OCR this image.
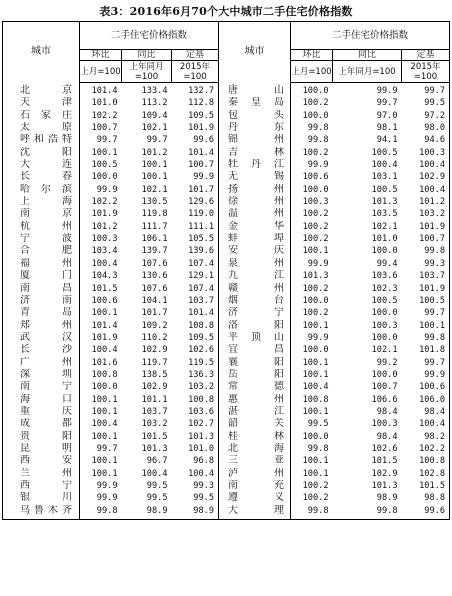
表3：2016年6月70个大中城市二手住宅价格指数
城市	二手住宅价格指数			城市	二手住宅价格指数		
	环比	同比	定基		环比	同比	定基
	上月=100	上年同月=100	2015年=100		上月=100	上年同月=100	2015年=100
北京	101.4	133.4	132.7	唐山	100.0	99.9	99.7
天津	101.0	113.2	112.8	秦皇岛	100.2	99.7	99.5
石家庄	102.2	109.4	109.5	包头	100.0	97.0	97.2
太原	100.7	102.1	101.9	丹东	99.8	98.1	98.0
呼和浩特	99.7	99.7	99.6	锦州	99.8	94.1	94.6
沈阳	100.1	101.2	101.4	吉林	100.2	100.5	100.3
大连	100.5	100.1	100.7	牡丹江	99.9	100.4	100.4
长春	100.0	100.1	99.9	无锡	100.6	103.1	102.9
哈尔滨	99.9	102.1	101.7	扬州	100.0	100.5	100.4
上海	102.2	130.5	129.6	徐州	100.3	101.3	101.2
南京	101.9	119.8	119.0	温州	100.2	103.5	103.2
杭州	101.2	111.7	111.1	金华	100.2	102.1	101.9
宁波	100.3	106.1	105.5	蚌埠	100.2	101.0	100.7
合肥	103.4	139.7	139.6	安庆	100.1	100.0	99.8
福州	100.4	107.6	107.4	泉州	99.9	99.4	99.3
厦门	104.3	130.6	129.1	九江	101.3	103.6	103.7
南昌	101.5	107.6	107.4	赣州	100.2	102.3	101.9
济南	100.6	104.1	103.7	烟台	100.0	100.5	100.5
青岛	100.1	101.7	101.4	济宁	100.2	100.0	99.7
郑州	101.4	109.2	108.8	洛阳	100.1	100.3	100.1
武汉	101.9	110.2	109.5	平顶山	99.9	100.0	99.8
长沙	100.4	102.9	102.6	宜昌	100.0	102.1	101.8
广州	101.6	119.7	119.5	襄阳	100.1	99.2	99.7
深圳	100.8	138.5	136.3	岳阳	100.1	100.0	99.9
南宁	100.0	102.9	103.2	常德	100.4	100.7	100.6
海口	100.1	101.1	100.8	惠州	100.8	106.6	106.0
重庆	100.1	103.7	103.6	湛江	100.1	98.4	98.4
成都	100.4	103.2	102.7	韶关	99.5	100.3	100.4
贵阳	100.1	101.5	101.3	桂林	100.0	98.4	98.2
昆明	99.7	101.3	101.0	北海	99.8	102.6	102.2
西安	100.1	96.7	96.8	三亚	100.1	101.5	100.8
兰州	100.1	100.4	100.4	泸州	100.1	102.9	102.8
西宁	99.9	99.5	99.3	南充	100.2	101.3	101.5
银川	99.9	99.5	99.5	遵义	100.2	98.9	98.8
乌鲁木齐	99.8	98.9	98.9	大理	99.8	99.8	99.6
